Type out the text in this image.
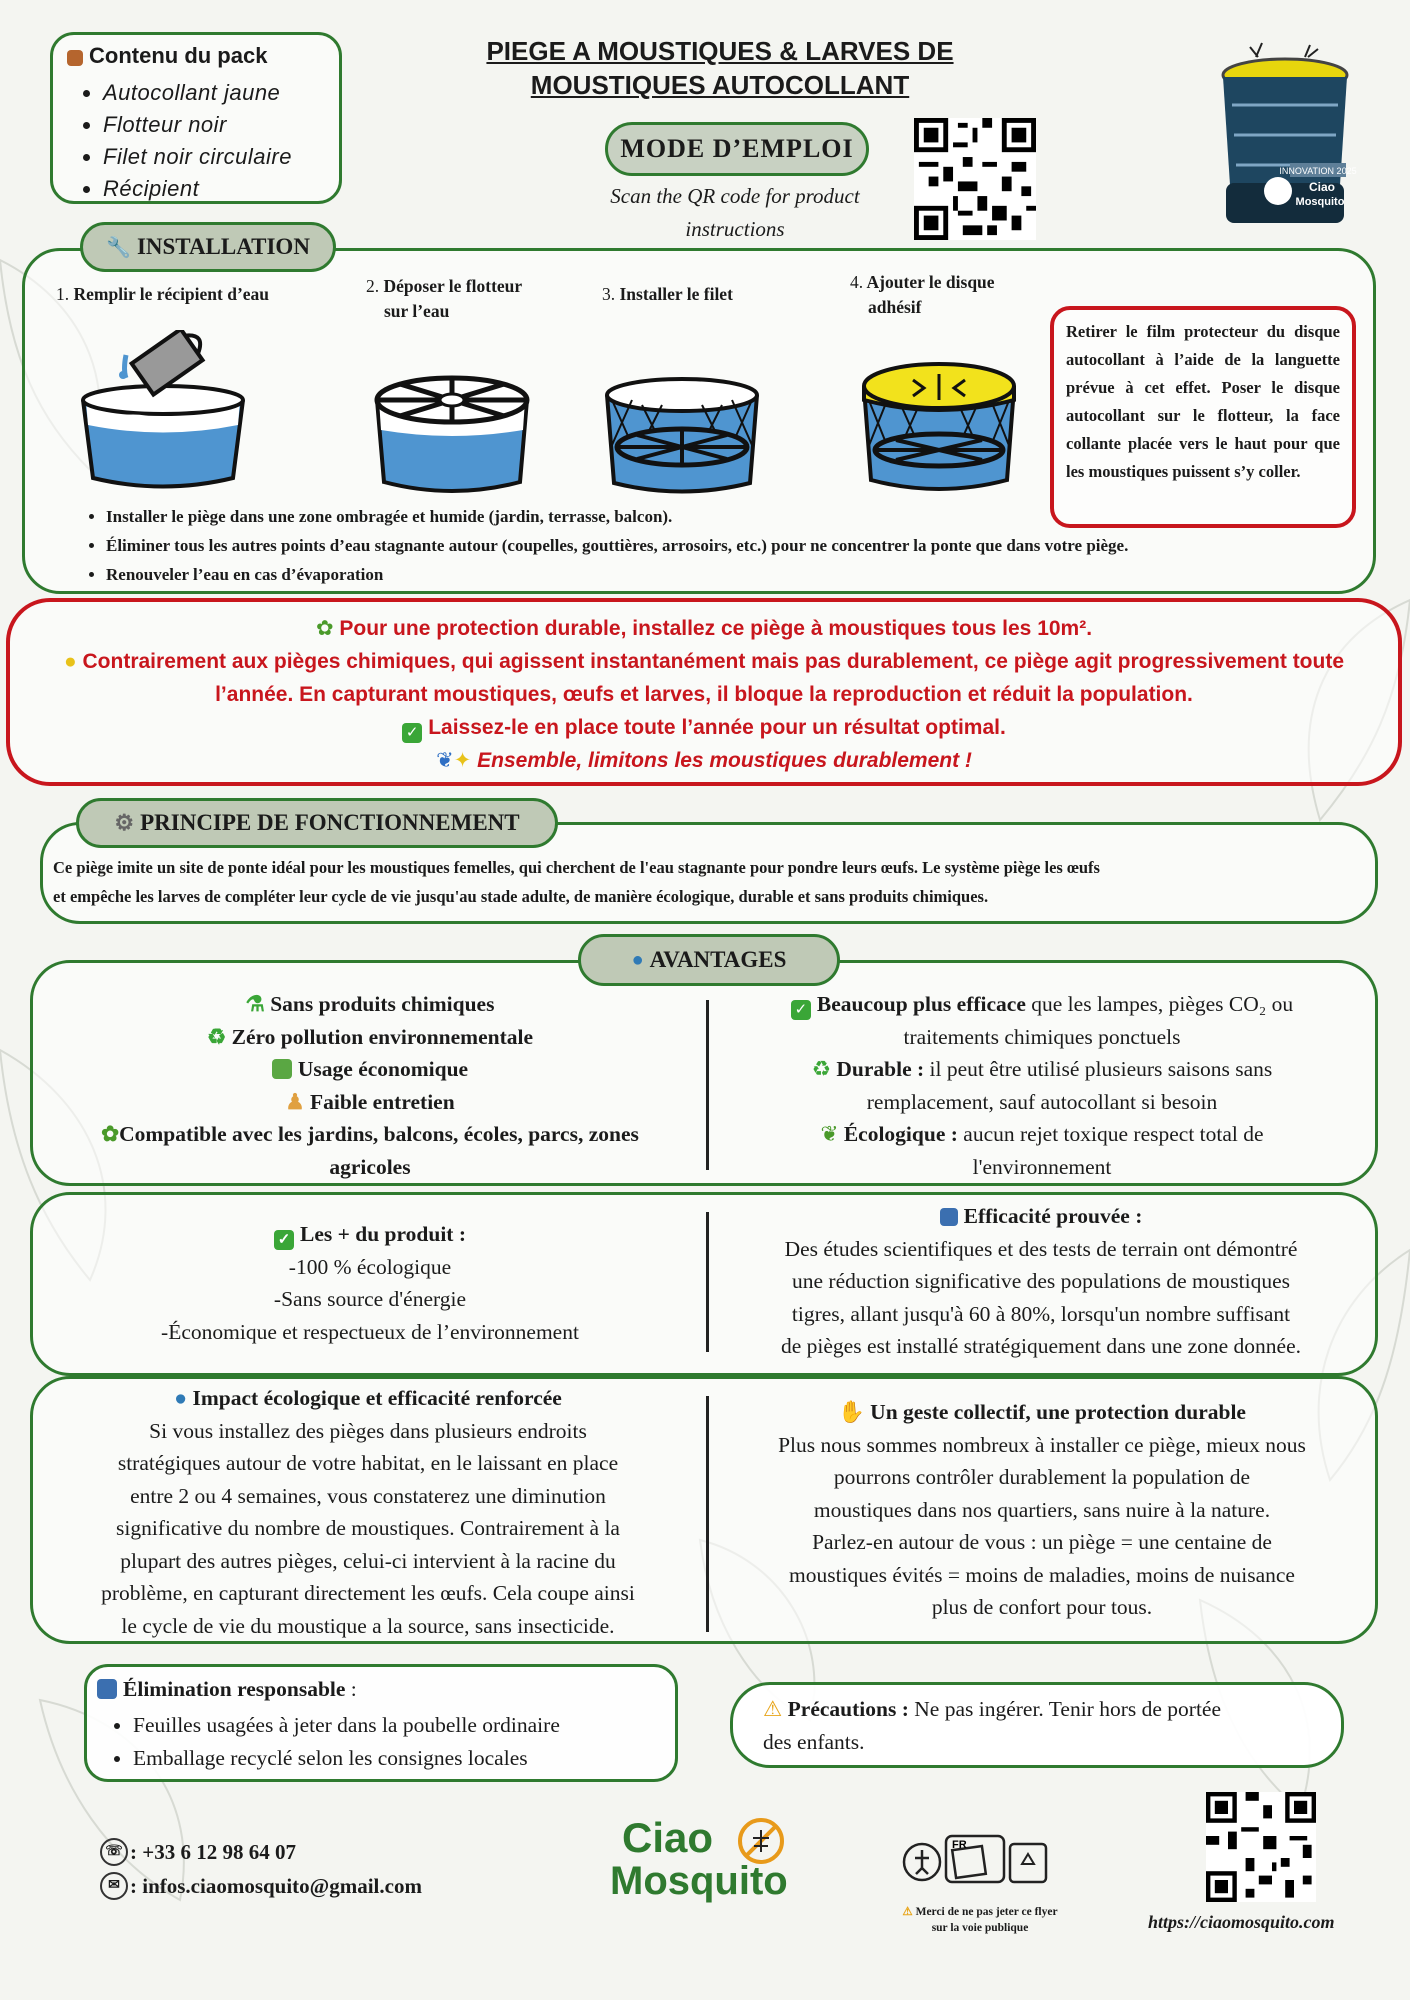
Contenu du pack
• Autocollant jaune
• Flotteur noir
• Filet noir circulaire
• Récipient
PIEGE A MOUSTIQUES & LARVES DE
MOUSTIQUES AUTOCOLLANT
MODE D’EMPLOI
Scan the QR code for product
instructions
INNOVATION 2025
Ciao
Mosquito
🔧 INSTALLATION
1. Remplir le récipient d’eau	2. Déposer le flotteur
sur l’eau
3. Installer le filet
4. Ajouter le disque
adhésif
Retirer le film protecteur du disque autocollant à l’aide de la languette prévue à cet effet. Poser le disque autocollant sur le flotteur, la face collante placée vers le haut pour que les moustiques puissent s’y coller.
• Installer le piège dans une zone ombragée et humide (jardin, terrasse, balcon).
• Éliminer tous les autres points d’eau stagnante autour (coupelles, gouttières, arrosoirs, etc.) pour ne concentrer la ponte que dans votre piège.
• Renouveler l’eau en cas d’évaporation
✿ Pour une protection durable, installez ce piège à moustiques tous les 10m².
● Contrairement aux pièges chimiques, qui agissent instantanément mais pas durablement, ce piège agit progressivement toute
l’année. En capturant moustiques, œufs et larves, il bloque la reproduction et réduit la population.
✓ Laissez-le en place toute l’année pour un résultat optimal.
❦✦ Ensemble, limitons les moustiques durablement !
Ce piège imite un site de ponte idéal pour les moustiques femelles, qui cherchent de l'eau stagnante pour pondre leurs œufs. Le système piège les œufs
et empêche les larves de compléter leur cycle de vie jusqu'au stade adulte, de manière écologique, durable et sans produits chimiques.
⚙ PRINCIPE DE FONCTIONNEMENT
● AVANTAGES
⚗ Sans produits chimiques
♻ Zéro pollution environnementale
Usage économique
♟ Faible entretien
✿Compatible avec les jardins, balcons, écoles, parcs, zones
agricoles
✓ Beaucoup plus efficace que les lampes, pièges CO₂ ou
traitements chimiques ponctuels
♻ Durable : il peut être utilisé plusieurs saisons sans
remplacement, sauf autocollant si besoin
❦ Écologique : aucun rejet toxique respect total de
l'environnement
✓ Les + du produit :
-100 % écologique
-Sans source d'énergie
-Économique et respectueux de l’environnement
Efficacité prouvée :
Des études scientifiques et des tests de terrain ont démontré
une réduction significative des populations de moustiques
tigres, allant jusqu'à 60 à 80%, lorsqu'un nombre suffisant
de pièges est installé stratégiquement dans une zone donnée.
● Impact écologique et efficacité renforcée
Si vous installez des pièges dans plusieurs endroits
stratégiques autour de votre habitat, en le laissant en place
entre 2 ou 4 semaines, vous constaterez une diminution
significative du nombre de moustiques. Contrairement à la
plupart des autres pièges, celui-ci intervient à la racine du
problème, en capturant directement les œufs. Cela coupe ainsi
le cycle de vie du moustique a la source, sans insecticide.
✋ Un geste collectif, une protection durable
Plus nous sommes nombreux à installer ce piège, mieux nous
pourrons contrôler durablement la population de
moustiques dans nos quartiers, sans nuire à la nature.
Parlez-en autour de vous : un piège = une centaine de
moustiques évités = moins de maladies, moins de nuisance
plus de confort pour tous.
Élimination responsable :
• Feuilles usagées à jeter dans la poubelle ordinaire
• Emballage recyclé selon les consignes locales
⚠ Précautions : Ne pas ingérer. Tenir hors de portée
des enfants.
☏ : +33 6 12 98 64 07
✉ : infos.ciaomosquito@gmail.com
Ciao
Mosquito
FR
⚠ Merci de ne pas jeter ce flyer
sur la voie publique	https://ciaomosquito.com
